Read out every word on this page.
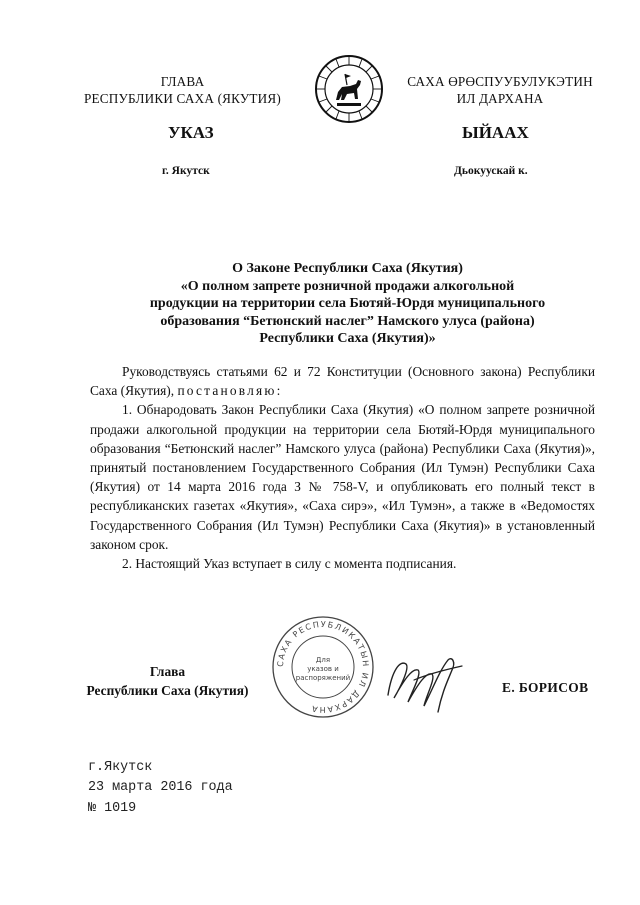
ГЛАВА
РЕСПУБЛИКИ САХА (ЯКУТИЯ)
САХА ӨРӨСПУУБУЛУКЭТИН
ИЛ ДАРХАНА
УКАЗ	ЫЙААХ
г. Якутск	Дьокуускай к.
О Законе Республики Саха (Якутия)
«О полном запрете розничной продажи алкогольной
продукции на территории села Бютяй-Юрдя муниципального
образования “Бетюнский наслег” Намского улуса (района)
Республики Саха (Якутия)»

Руководствуясь статьями 62 и 72 Конституции (Основного закона) Республики Саха (Якутия), постановляю:

1. Обнародовать Закон Республики Саха (Якутия) «О полном запрете розничной продажи алкогольной продукции на территории села Бютяй-Юрдя муниципального образования “Бетюнский наслег” Намского улуса (района) Республики Саха (Якутия)», принятый постановлением Государственного Собрания (Ил Тумэн) Республики Саха (Якутия) от 14 марта 2016 года З № 758-V, и опубликовать его полный текст в республиканских газетах «Якутия», «Саха сирэ», «Ил Тумэн», а также в «Ведомостях Государственного Собрания (Ил Тумэн) Республики Саха (Якутия)» в установленный законом срок.

2. Настоящий Указ вступает в силу с момента подписания.

Глава
Республики Саха (Якутия)
САХА РЕСПУБЛИКАТЫН ИЛ ДАРХАНА
Для
указов и
распоряжений
Е. БОРИСОВ
г.Якутск
23 марта 2016 года
№ 1019
